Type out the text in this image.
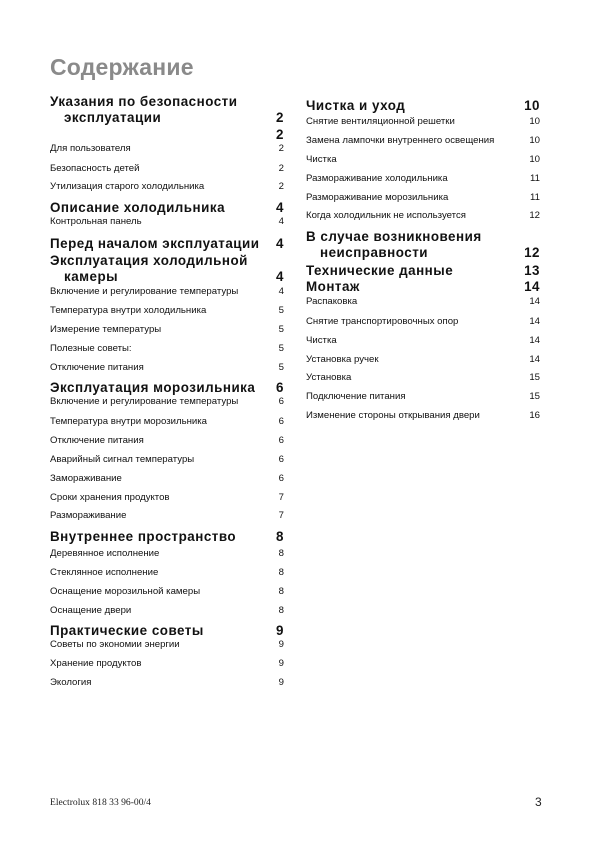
Содержание
Указания по безопасности
эксплуатации	2
2
Для пользователя	2
Безопасность детей	2
Утилизация старого холодильника	2
Описание холодильника	4
Контрольная панель	4
Перед началом эксплуатации 4
Эксплуатация холодильной
камеры	4
Включение и регулирование температуры	4
Температура внутри холодильника	5
Измерение температуры	5
Полезные советы:	5
Отключение питания	5
Эксплуатация морозильника 6
Включение и регулирование температуры	6
Температура внутри морозильника	6
Отключение питания	6
Аварийный сигнал температуры	6
Замораживание	6
Сроки хранения продуктов	7
Размораживание	7
Внутреннее пространство	8
Деревянное исполнение	8
Стеклянное исполнение	8
Оснащение морозильной камеры	8
Оснащение двери	8
Практические советы	9
Советы по экономии энергии	9
Хранение продуктов	9
Экология	9
Чистка и уход	10
Снятие вентиляционной решетки	10
Замена лампочки внутреннего освещения	10
Чистка	10
Размораживание холодильника	11
Размораживание морозильника	11
Когда холодильник не используется	12
В случае возникновения
неисправности	12
Технические данные	13
Монтаж	14
Распаковка	14
Снятие транспортировочных опор	14
Чистка	14
Установка ручек	14
Установка	15
Подключение питания	15
Изменение стороны открывания двери	16
Electrolux 818 33 96-00/4	3
